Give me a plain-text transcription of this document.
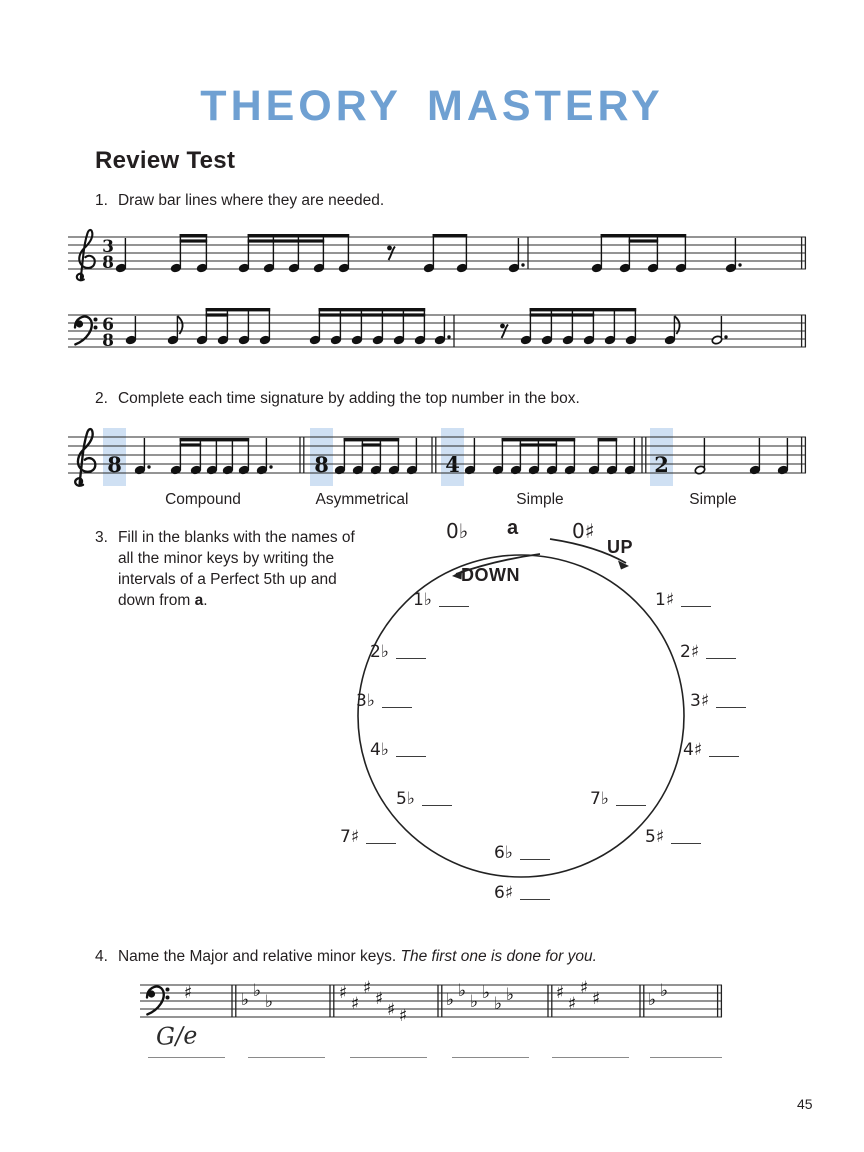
THEORY MASTERY
Review Test
1. Draw bar lines where they are needed.
3
8
6
8
2. Complete each time signature by adding the top number in the box.
8	8	4	2
Compound	Asymmetrical	Simple	Simple
3. Fill in the blanks with the names of all the minor keys by writing the intervals of a Perfect 5th up and down from a.
0♭ a	0♯
UP
DOWN
1♭
2♭
3♭
4♭
5♭
7♯
6♭
6♯
1♯
2♯
3♯
4♯
7♭
5♯
4. Name the Major and relative minor keys. The first one is done for you.
♯	♭ ♭
♭	♯
♯
♯
♯
♯ ♯
♭ ♭
♭ ♭
♭ ♭ ♯
♯
♯
♯	♭ ♭
G/e
45
